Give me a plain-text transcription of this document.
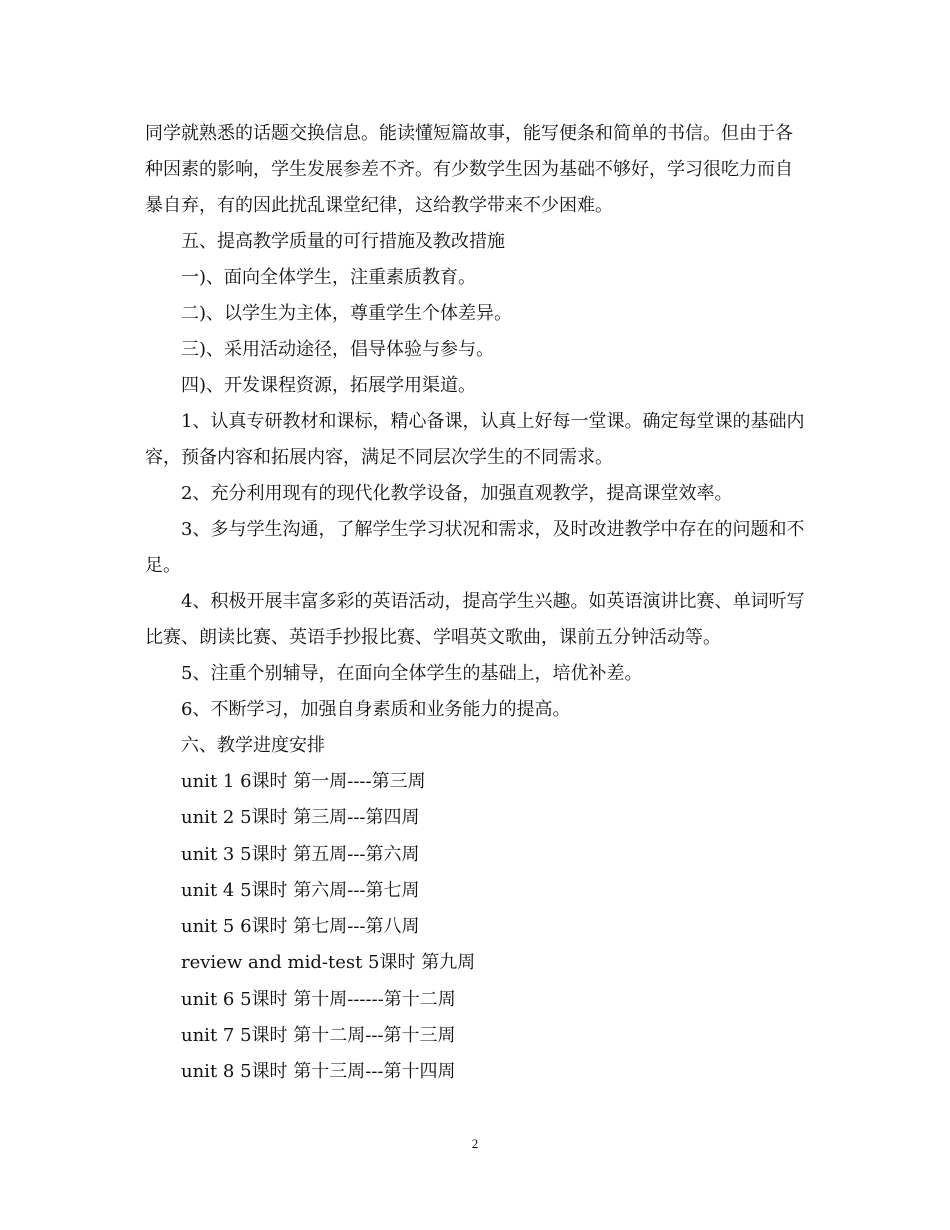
同学就熟悉的话题交换信息。能读懂短篇故事，能写便条和简单的书信。但由于各种因素的影响，学生发展参差不齐。有少数学生因为基础不够好，学习很吃力而自暴自弃，有的因此扰乱课堂纪律，这给教学带来不少困难。

五、提高教学质量的可行措施及教改措施

一)、面向全体学生，注重素质教育。

二)、以学生为主体，尊重学生个体差异。

三)、采用活动途径，倡导体验与参与。

四)、开发课程资源，拓展学用渠道。

1、认真专研教材和课标，精心备课，认真上好每一堂课。确定每堂课的基础内容，预备内容和拓展内容，满足不同层次学生的不同需求。

2、充分利用现有的现代化教学设备，加强直观教学，提高课堂效率。

3、多与学生沟通，了解学生学习状况和需求，及时改进教学中存在的问题和不足。

4、积极开展丰富多彩的英语活动，提高学生兴趣。如英语演讲比赛、单词听写比赛、朗读比赛、英语手抄报比赛、学唱英文歌曲，课前五分钟活动等。

5、注重个别辅导，在面向全体学生的基础上，培优补差。

6、不断学习，加强自身素质和业务能力的提高。

六、教学进度安排

unit 1 6课时 第一周----第三周

unit 2 5课时 第三周---第四周

unit 3 5课时 第五周---第六周

unit 4 5课时 第六周---第七周

unit 5 6课时 第七周---第八周

review and mid-test 5课时 第九周

unit 6 5课时 第十周------第十二周

unit 7 5课时 第十二周---第十三周

unit 8 5课时 第十三周---第十四周

2
